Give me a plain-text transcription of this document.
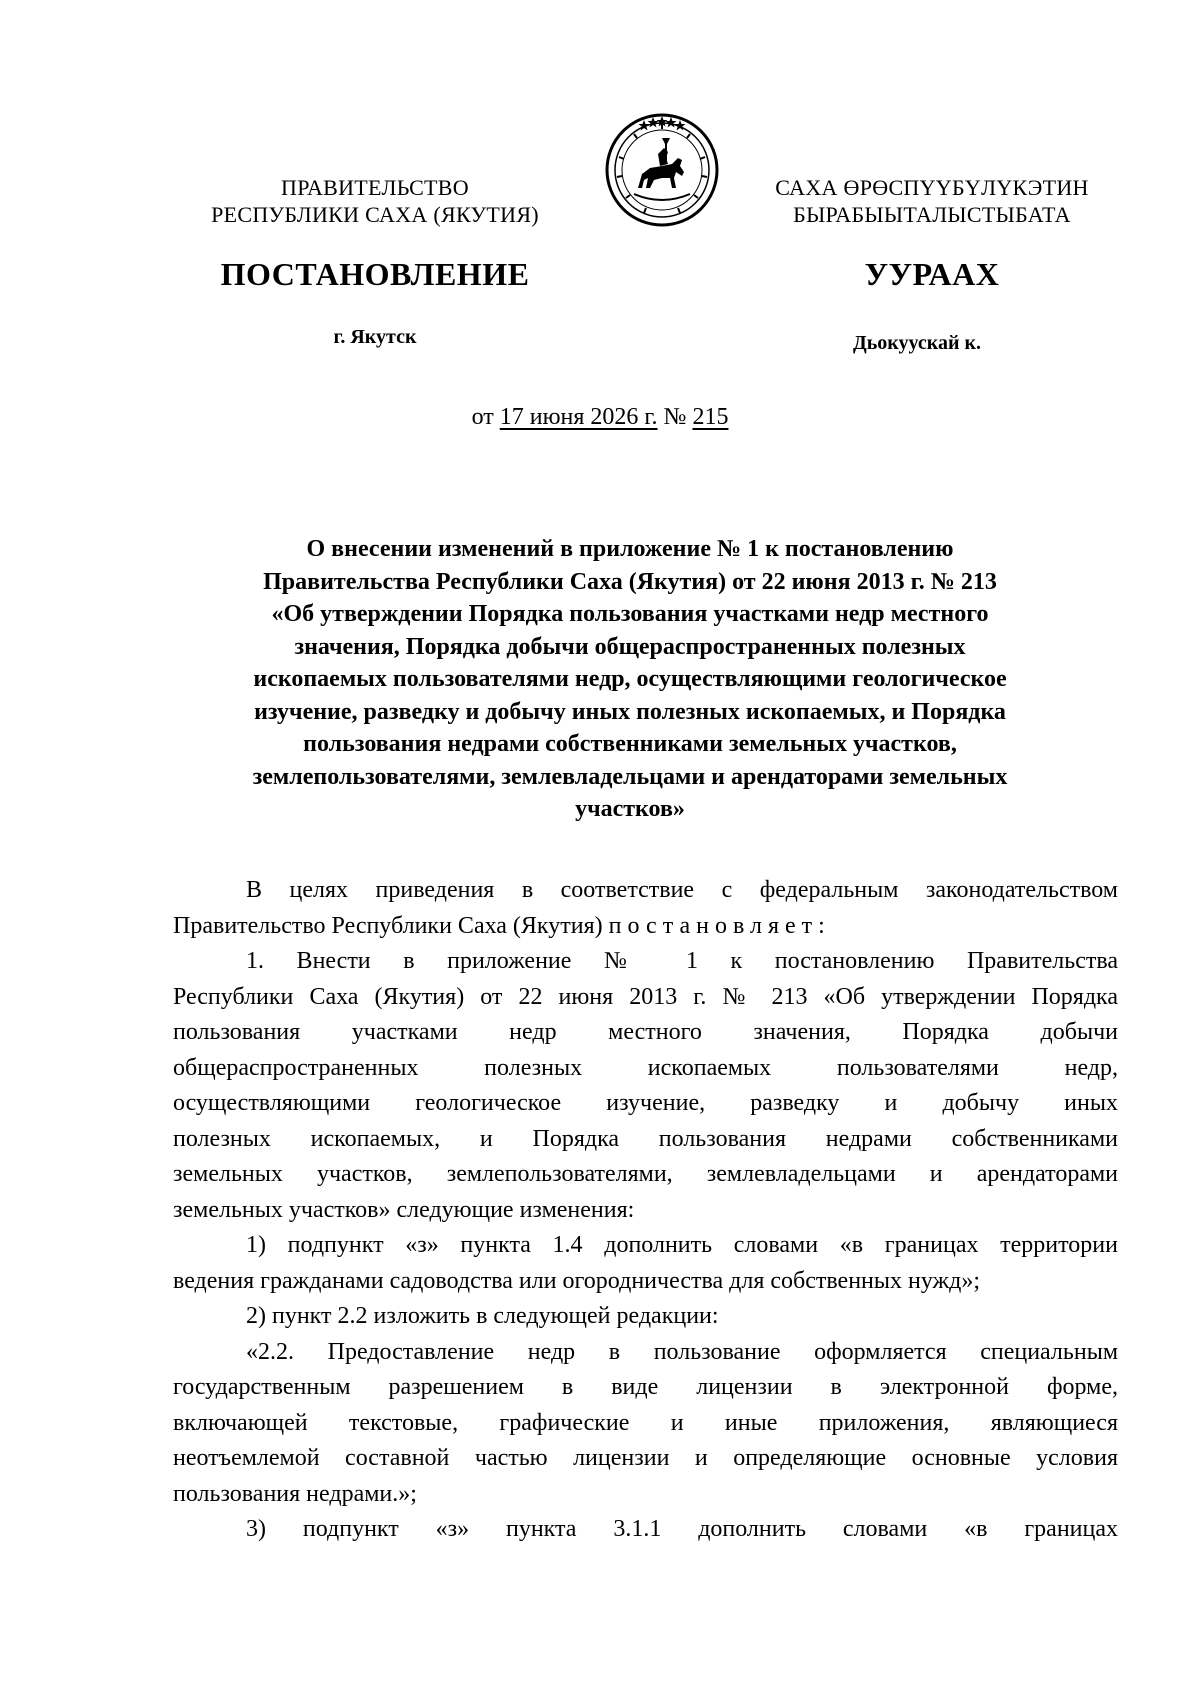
ПРАВИТЕЛЬСТВО
РЕСПУБЛИКИ САХА (ЯКУТИЯ)
САХА ӨРӨСПҮҮБҮЛҮКЭТИН
БЫРАБЫЫТАЛЫСТЫБАТА
ПОСТАНОВЛЕНИЕ	УУРААХ
г. Якутск	Дьокуускай к.
от 17 июня 2026 г. № 215
О внесении изменений в приложение № 1 к постановлению
Правительства Республики Саха (Якутия) от 22 июня 2013 г. № 213
«Об утверждении Порядка пользования участками недр местного
значения, Порядка добычи общераспространенных полезных
ископаемых пользователями недр, осуществляющими геологическое
изучение, разведку и добычу иных полезных ископаемых, и Порядка
пользования недрами собственниками земельных участков,
землепользователями, землевладельцами и арендаторами земельных
участков»
В целях приведения в соответствие с федеральным законодательством
Правительство Республики Саха (Якутия) постановляет:
1. Внести в приложение № 1 к постановлению Правительства
Республики Саха (Якутия) от 22 июня 2013 г. № 213 «Об утверждении Порядка
пользования участками недр местного значения, Порядка добычи
общераспространенных полезных ископаемых пользователями недр,
осуществляющими геологическое изучение, разведку и добычу иных
полезных ископаемых, и Порядка пользования недрами собственниками
земельных участков, землепользователями, землевладельцами и арендаторами
земельных участков» следующие изменения:
1) подпункт «з» пункта 1.4 дополнить словами «в границах территории
ведения гражданами садоводства или огородничества для собственных нужд»;
2) пункт 2.2 изложить в следующей редакции:
«2.2. Предоставление недр в пользование оформляется специальным
государственным разрешением в виде лицензии в электронной форме,
включающей текстовые, графические и иные приложения, являющиеся
неотъемлемой составной частью лицензии и определяющие основные условия
пользования недрами.»;
3) подпункт «з» пункта 3.1.1 дополнить словами «в границах
